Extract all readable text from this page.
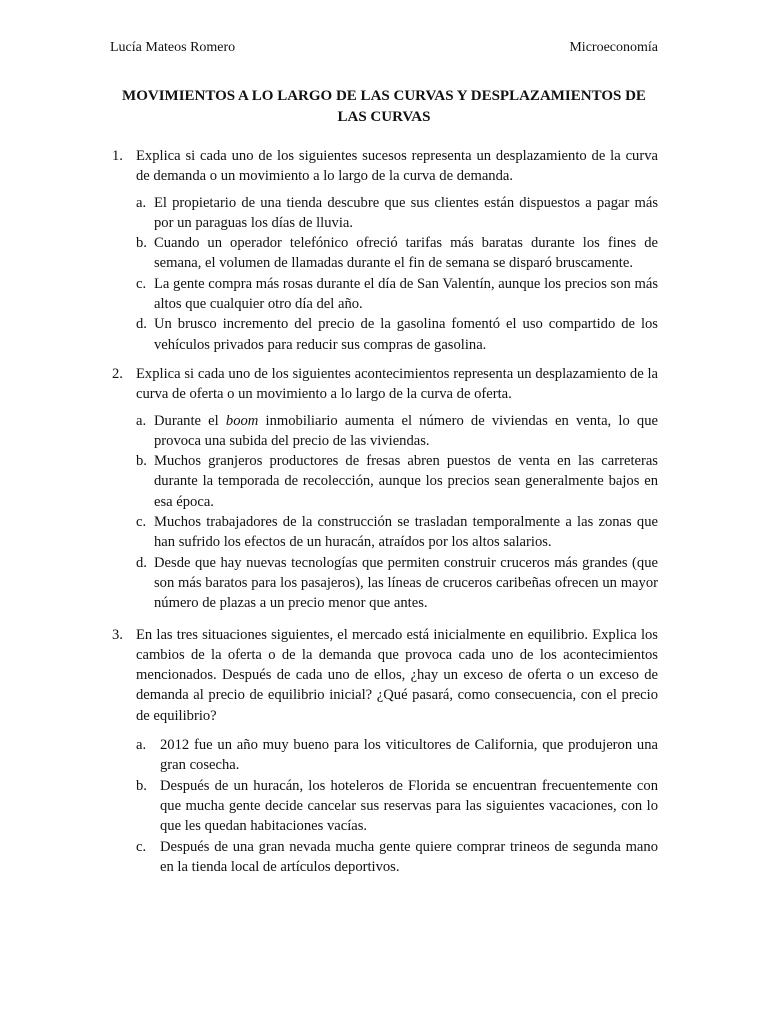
Lucía Mateos Romero	Microeconomía
MOVIMIENTOS A LO LARGO DE LAS CURVAS Y DESPLAZAMIENTOS DE
LAS CURVAS
1. Explica si cada uno de los siguientes sucesos representa un desplazamiento de la curva de demanda o un movimiento a lo largo de la curva de demanda.
a. El propietario de una tienda descubre que sus clientes están dispuestos a pagar más por un paraguas los días de lluvia.
b. Cuando un operador telefónico ofreció tarifas más baratas durante los fines de semana, el volumen de llamadas durante el fin de semana se disparó bruscamente.
c. La gente compra más rosas durante el día de San Valentín, aunque los precios son más altos que cualquier otro día del año.
d. Un brusco incremento del precio de la gasolina fomentó el uso compartido de los vehículos privados para reducir sus compras de gasolina.
2. Explica si cada uno de los siguientes acontecimientos representa un desplazamiento de la curva de oferta o un movimiento a lo largo de la curva de oferta.
a. Durante el boom inmobiliario aumenta el número de viviendas en venta, lo que provoca una subida del precio de las viviendas.
b. Muchos granjeros productores de fresas abren puestos de venta en las carreteras durante la temporada de recolección, aunque los precios sean generalmente bajos en esa época.
c. Muchos trabajadores de la construcción se trasladan temporalmente a las zonas que han sufrido los efectos de un huracán, atraídos por los altos salarios.
d. Desde que hay nuevas tecnologías que permiten construir cruceros más grandes (que son más baratos para los pasajeros), las líneas de cruceros caribeñas ofrecen un mayor número de plazas a un precio menor que antes.
3. En las tres situaciones siguientes, el mercado está inicialmente en equilibrio. Explica los cambios de la oferta o de la demanda que provoca cada uno de los acontecimientos mencionados. Después de cada uno de ellos, ¿hay un exceso de oferta o un exceso de demanda al precio de equilibrio inicial? ¿Qué pasará, como consecuencia, con el precio de equilibrio?
a. 2012 fue un año muy bueno para los viticultores de California, que produjeron una gran cosecha.
b. Después de un huracán, los hoteleros de Florida se encuentran frecuentemente con que mucha gente decide cancelar sus reservas para las siguientes vacaciones, con lo que les quedan habitaciones vacías.
c. Después de una gran nevada mucha gente quiere comprar trineos de segunda mano en la tienda local de artículos deportivos.
